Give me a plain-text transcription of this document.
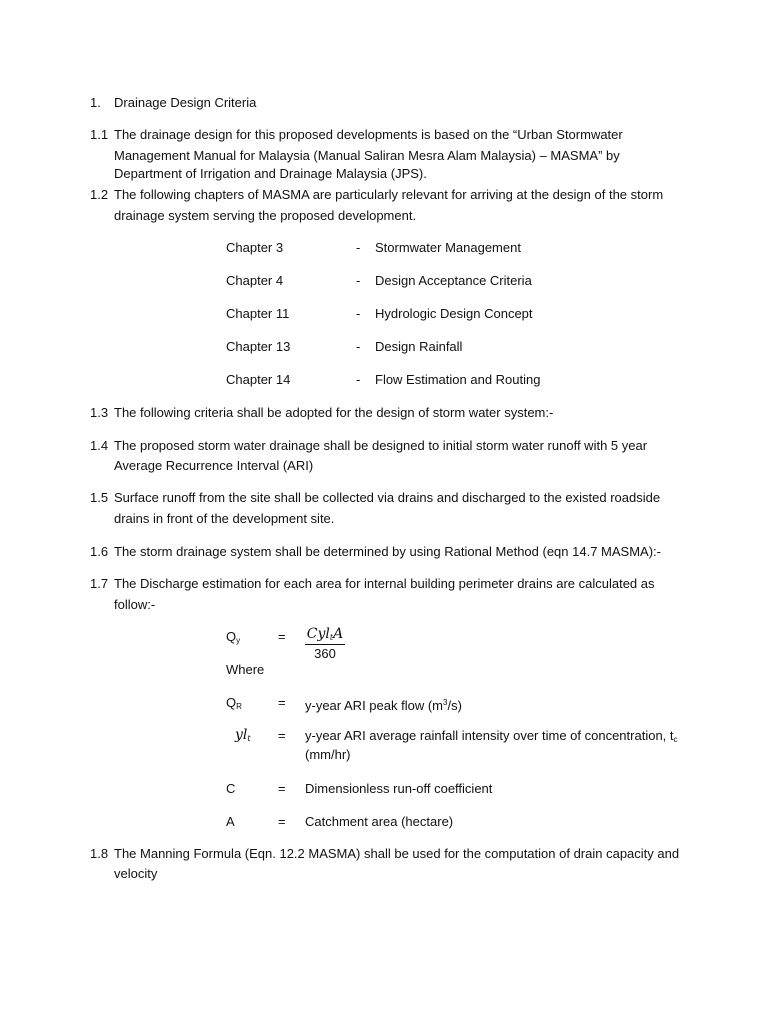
1. Drainage Design Criteria
1.1 The drainage design for this proposed developments is based on the “Urban Stormwater
Management Manual for Malaysia (Manual Saliran Mesra Alam Malaysia) – MASMA” by
Department of Irrigation and Drainage Malaysia (JPS).
1.2 The following chapters of MASMA are particularly relevant for arriving at the design of the storm
drainage system serving the proposed development.
Chapter 3	- Stormwater Management
Chapter 4	- Design Acceptance Criteria
Chapter 11	- Hydrologic Design Concept
Chapter 13	- Design Rainfall
Chapter 14	- Flow Estimation and Routing
1.3 The following criteria shall be adopted for the design of storm water system:-
1.4 The proposed storm water drainage shall be designed to initial storm water runoff with 5 year
Average Recurrence Interval (ARI)
1.5 Surface runoff from the site shall be collected via drains and discharged to the existed roadside
drains in front of the development site.
1.6 The storm drainage system shall be determined by using Rational Method (eqn 14.7 MASMA):-
1.7 The Discharge estimation for each area for internal building perimeter drains are calculated as
follow:-
$Q_y$	= Cyl$_t$A
360
Where
$Q_R$	= y-year ARI peak flow $(m^3/s)$
$yl_t$ = y-year ARI average rainfall intensity over time of concentration, $t_c$
(mm/hr)
C	= Dimensionless run-off coefficient
A	= Catchment area (hectare)
1.8 The Manning Formula (Eqn. 12.2 MASMA) shall be used for the computation of drain capacity and
velocity
